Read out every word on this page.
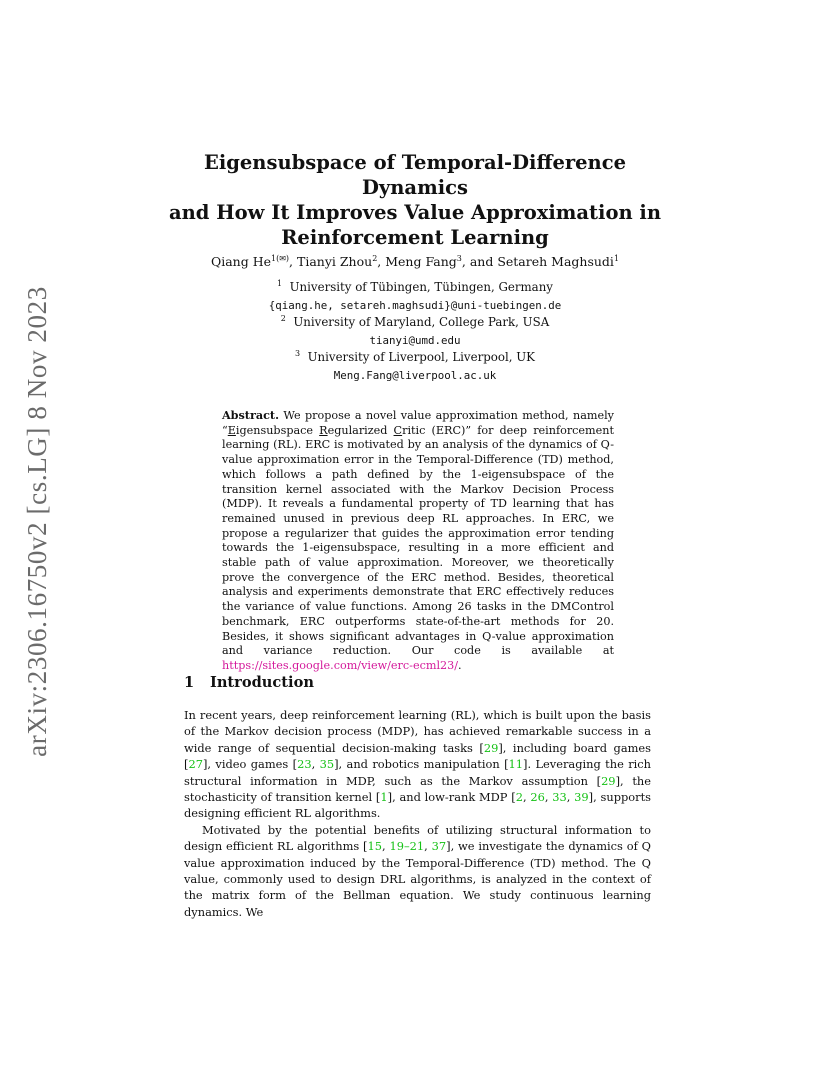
arXiv:2306.16750v2 [cs.LG] 8 Nov 2023
Eigensubspace of Temporal-Difference Dynamics
and How It Improves Value Approximation in
Reinforcement Learning
Qiang $He^{1(✉)}$, Tianyi Zhou$^2$, Meng Fang$^3$, and Setareh Maghsudi$^1$
$^1$ University of Tübingen, Tübingen, Germany
{qiang.he, setareh.maghsudi}@uni-tuebingen.de
$^2$ University of Maryland, College Park, USA
tianyi@umd.edu
$^3$ University of Liverpool, Liverpool, UK
Meng.Fang@liverpool.ac.uk
Abstract. We propose a novel value approximation method, namely “Eigensubspace Regularized Critic (ERC)” for deep reinforcement learning (RL). ERC is motivated by an analysis of the dynamics of Q-value approximation error in the Temporal-Difference (TD) method, which follows a path defined by the 1-eigensubspace of the transition kernel associated with the Markov Decision Process (MDP). It reveals a fundamental property of TD learning that has remained unused in previous deep RL approaches. In ERC, we propose a regularizer that guides the approximation error tending towards the 1-eigensubspace, resulting in a more efficient and stable path of value approximation. Moreover, we theoretically prove the convergence of the ERC method. Besides, theoretical analysis and experiments demonstrate that ERC effectively reduces the variance of value functions. Among 26 tasks in the DMControl benchmark, ERC outperforms state-of-the-art methods for 20. Besides, it shows significant advantages in Q-value approximation and variance reduction. Our code is available at https://sites.google.com/view/erc-ecml23/.
1 Introduction

In recent years, deep reinforcement learning (RL), which is built upon the basis of the Markov decision process (MDP), has achieved remarkable success in a wide range of sequential decision-making tasks [29], including board games [27], video games [23, 35], and robotics manipulation [11]. Leveraging the rich structural information in MDP, such as the Markov assumption [29], the stochasticity of transition kernel [1], and low-rank MDP [2, 26, 33, 39], supports designing efficient RL algorithms.

Motivated by the potential benefits of utilizing structural information to design efficient RL algorithms [15, 19–21, 37], we investigate the dynamics of Q value approximation induced by the Temporal-Difference (TD) method. The Q value, commonly used to design DRL algorithms, is analyzed in the context of the matrix form of the Bellman equation. We study continuous learning dynamics. We
